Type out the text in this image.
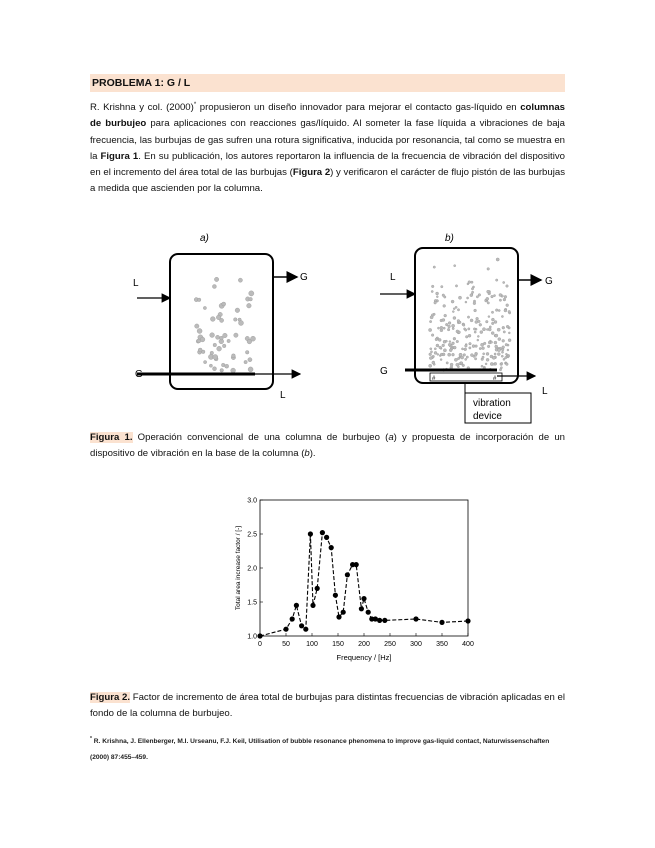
PROBLEMA 1: G / L
R. Krishna y col. (2000)* propusieron un diseño innovador para mejorar el contacto gas-líquido en columnas de burbujeo para aplicaciones con reacciones gas/líquido. Al someter la fase líquida a vibraciones de baja frecuencia, las burbujas de gas sufren una rotura significativa, inducida por resonancia, tal como se muestra en la Figura 1. En su publicación, los autores reportaron la influencia de la frecuencia de vibración del dispositivo en el incremento del área total de las burbujas (Figura 2) y verificaron el carácter de flujo pistón de las burbujas a medida que ascienden por la columna.
a)
L
G
G
L
b)
#	#
L	G
G
L
vibration
device
Figura 1. Operación convencional de una columna de burbujeo (a) y propuesta de incorporación de un dispositivo de vibración en la base de la columna (b).
0	50 100 150 200 250 300 350 400
1.0
1.5
2.0
2.5
3.0
Frequency / [Hz]
Total area increase factor / [-]
Figura 2. Factor de incremento de área total de burbujas para distintas frecuencias de vibración aplicadas en el fondo de la columna de burbujeo.
* R. Krishna, J. Ellenberger, M.I. Urseanu, F.J. Keil, Utilisation of bubble resonance phenomena to improve gas-liquid contact, Naturwissenschaften (2000) 87:455–459.
